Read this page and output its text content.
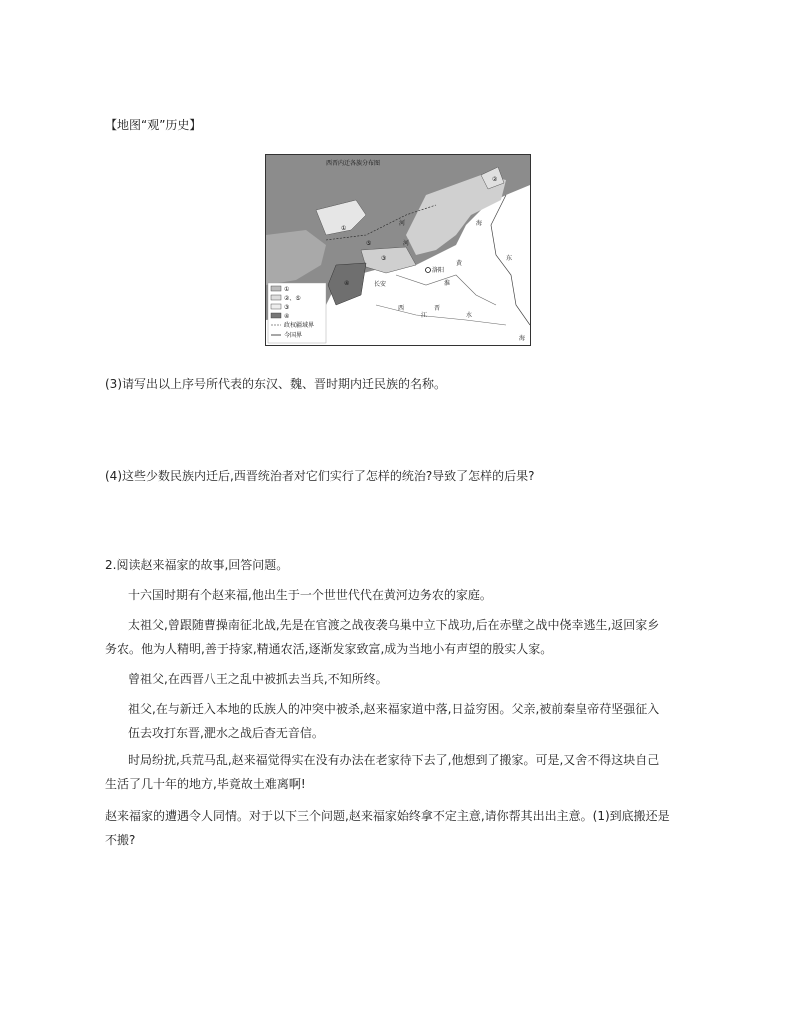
【地图“观”历史】
西晋内迁各族分布图
洛阳
长安
西	晋
河
河
江
黄
海
东
海
水
淮
①
②
③
④
⑤
①
②、⑤
③
④
政权疆域界
今国界
(3)请写出以上序号所代表的东汉、魏、晋时期内迁民族的名称。
(4)这些少数民族内迁后,西晋统治者对它们实行了怎样的统治?导致了怎样的后果?
2.阅读赵来福家的故事,回答问题。
十六国时期有个赵来福,他出生于一个世世代代在黄河边务农的家庭。
太祖父,曾跟随曹操南征北战,先是在官渡之战夜袭乌巢中立下战功,后在赤壁之战中侥幸逃生,返回家乡
务农。他为人精明,善于持家,精通农活,逐渐发家致富,成为当地小有声望的殷实人家。
曾祖父,在西晋八王之乱中被抓去当兵,不知所终。
祖父,在与新迁入本地的氐族人的冲突中被杀,赵来福家道中落,日益穷困。父亲,被前秦皇帝苻坚强征入
伍去攻打东晋,淝水之战后杳无音信。
时局纷扰,兵荒马乱,赵来福觉得实在没有办法在老家待下去了,他想到了搬家。可是,又舍不得这块自己
生活了几十年的地方,毕竟故土难离啊!
赵来福家的遭遇令人同情。对于以下三个问题,赵来福家始终拿不定主意,请你帮其出出主意。(1)到底搬还是
不搬?
